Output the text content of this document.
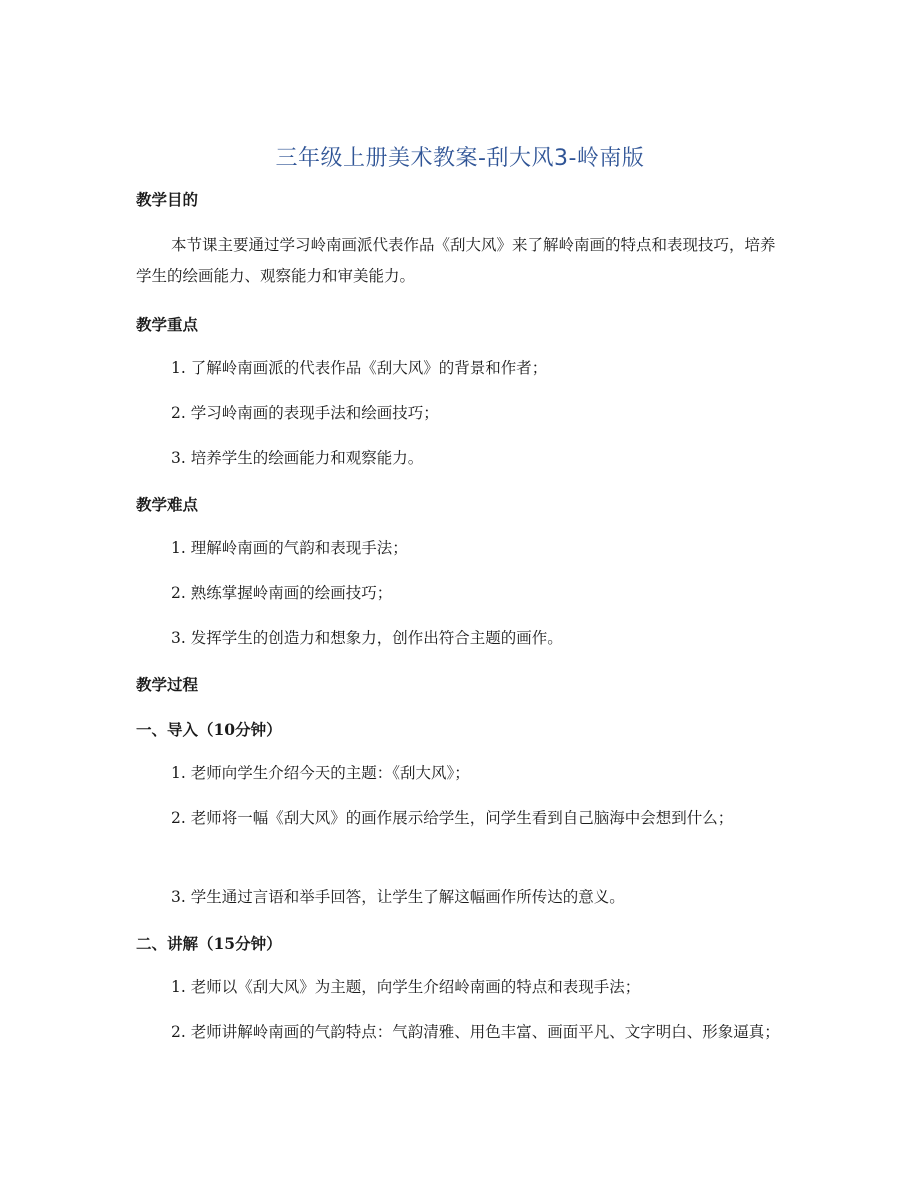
三年级上册美术教案-刮大风3-岭南版
教学目的
本节课主要通过学习岭南画派代表作品《刮大风》来了解岭南画的特点和表现技巧，培养学生的绘画能力、观察能力和审美能力。
教学重点
1. 了解岭南画派的代表作品《刮大风》的背景和作者；
2. 学习岭南画的表现手法和绘画技巧；
3. 培养学生的绘画能力和观察能力。
教学难点
1. 理解岭南画的气韵和表现手法；
2. 熟练掌握岭南画的绘画技巧；
3. 发挥学生的创造力和想象力，创作出符合主题的画作。
教学过程
一、导入（10分钟）
1. 老师向学生介绍今天的主题：《刮大风》；
2. 老师将一幅《刮大风》的画作展示给学生，问学生看到自己脑海中会想到什么；
3. 学生通过言语和举手回答，让学生了解这幅画作所传达的意义。
二、讲解（15分钟）
1. 老师以《刮大风》为主题，向学生介绍岭南画的特点和表现手法；
2. 老师讲解岭南画的气韵特点：气韵清雅、用色丰富、画面平凡、文字明白、形象逼真；
